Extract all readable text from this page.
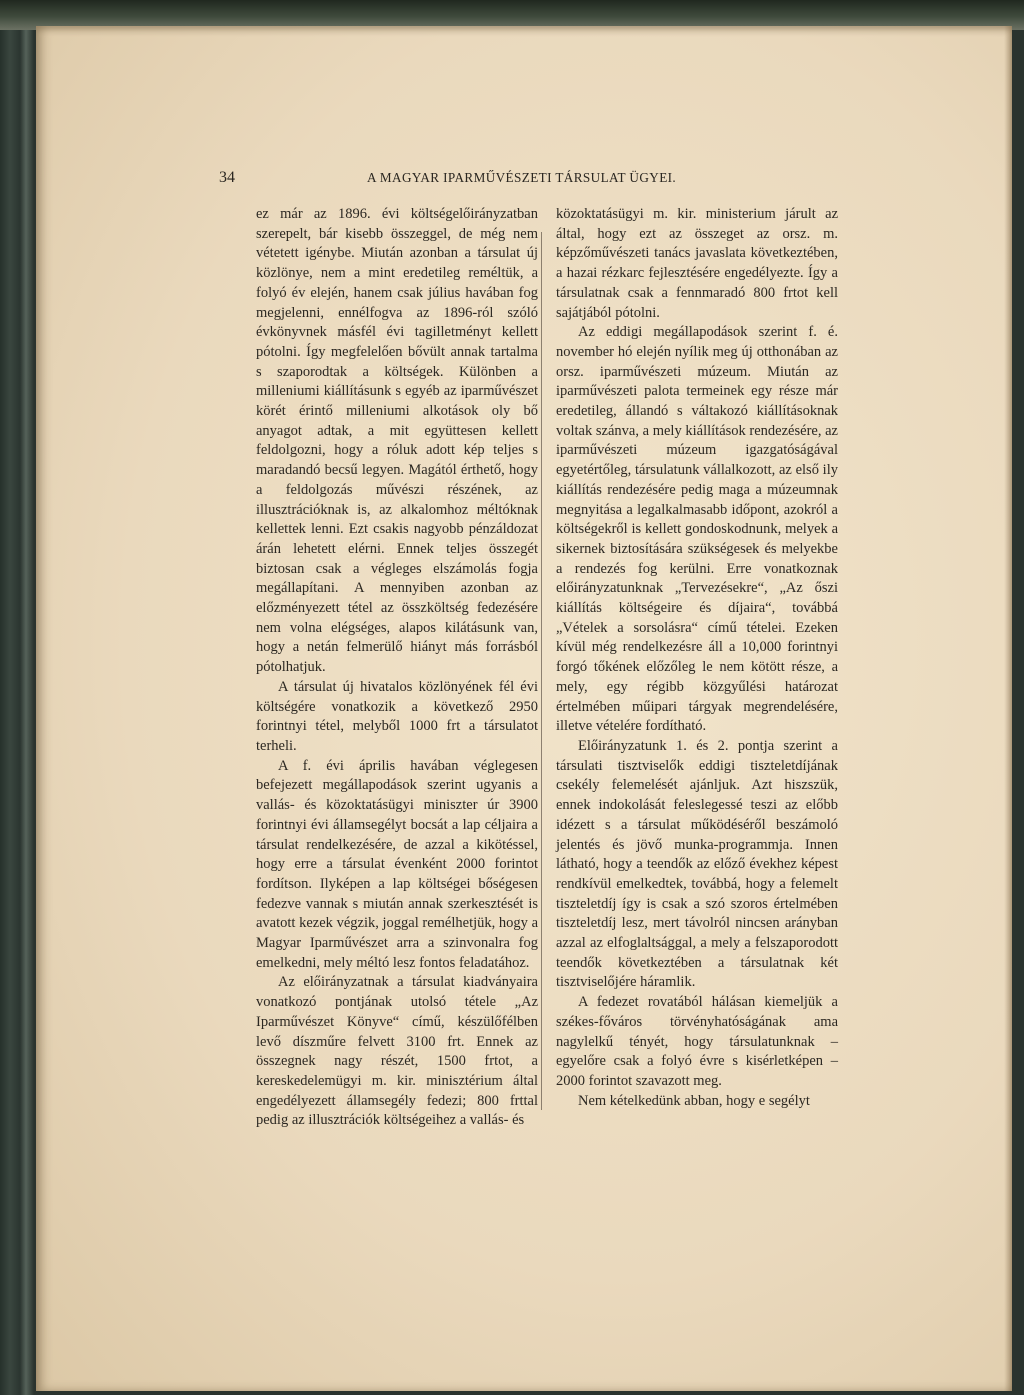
34	A MAGYAR IPARMŰVÉSZETI TÁRSULAT ÜGYEI.

ez már az 1896. évi költségelőirányzatban szerepelt, bár kisebb összeggel, de még nem vétetett igénybe. Miután azonban a társulat új közlönye, nem a mint eredetileg reméltük, a folyó év elején, hanem csak július havában fog megjelenni, ennélfogva az 1896-ról szóló évkönyvnek másfél évi tagilletményt kellett pótolni. Így megfelelően bővült annak tartalma s szaporodtak a költségek. Különben a milleniumi kiállításunk s egyéb az iparművészet körét érintő milleniumi alkotások oly bő anyagot adtak, a mit együttesen kellett feldolgozni, hogy a róluk adott kép teljes s maradandó becsű legyen. Magától érthető, hogy a feldolgozás művészi részének, az illusztrációknak is, az alkalomhoz méltóknak kellettek lenni. Ezt csakis nagyobb pénzáldozat árán lehetett elérni. Ennek teljes összegét biztosan csak a végleges elszámolás fogja megállapítani. A mennyiben azonban az előzményezett tétel az összköltség fedezésére nem volna elégséges, alapos kilátásunk van, hogy a netán felmerülő hiányt más forrásból pótolhatjuk.

A társulat új hivatalos közlönyének fél évi költségére vonatkozik a következő 2950 forintnyi tétel, melyből 1000 frt a társulatot terheli.

A f. évi április havában véglegesen befejezett megállapodások szerint ugyanis a vallás- és közoktatásügyi miniszter úr 3900 forintnyi évi államsegélyt bocsát a lap céljaira a társulat rendelkezésére, de azzal a kikötéssel, hogy erre a társulat évenként 2000 forintot fordítson. Ilyképen a lap költségei bőségesen fedezve vannak s miután annak szerkesztését is avatott kezek végzik, joggal remélhetjük, hogy a Magyar Iparművészet arra a szinvonalra fog emelkedni, mely méltó lesz fontos feladatához.

Az előirányzatnak a társulat kiadványaira vonatkozó pontjának utolsó tétele „Az Iparművészet Könyve“ című, készülőfélben levő díszműre felvett 3100 frt. Ennek az összegnek nagy részét, 1500 frtot, a kereskedelemügyi m. kir. minisztérium által engedélyezett államsegély fedezi; 800 frttal pedig az illusztrációk költségeihez a vallás- és

közoktatásügyi m. kir. ministerium járult az által, hogy ezt az összeget az orsz. m. képzőművészeti tanács javaslata következtében, a hazai rézkarc fejlesztésére engedélyezte. Így a társulatnak csak a fennmaradó 800 frtot kell sajátjából pótolni.

Az eddigi megállapodások szerint f. é. november hó elején nyílik meg új otthonában az orsz. iparművészeti múzeum. Miután az iparművészeti palota termeinek egy része már eredetileg, állandó s váltakozó kiállításoknak voltak szánva, a mely kiállítások rendezésére, az iparművészeti múzeum igazgatóságával egyetértőleg, társulatunk vállalkozott, az első ily kiállítás rendezésére pedig maga a múzeumnak megnyitása a legalkalmasabb időpont, azokról a költségekről is kellett gondoskodnunk, melyek a sikernek biztosítására szükségesek és melyekbe a rendezés fog kerülni. Erre vonatkoznak előirányzatunknak „Tervezésekre“, „Az őszi kiállítás költségeire és díjaira“, továbbá „Vételek a sorsolásra“ című tételei. Ezeken kívül még rendelkezésre áll a 10,000 forintnyi forgó tőkének előzőleg le nem kötött része, a mely, egy régibb közgyűlési határozat értelmében műipari tárgyak megrendelésére, illetve vételére fordítható.

Előirányzatunk 1. és 2. pontja szerint a társulati tisztviselők eddigi tiszteletdíjának csekély felemelését ajánljuk. Azt hiszszük, ennek indokolását feleslegessé teszi az előbb idézett s a társulat működéséről beszámoló jelentés és jövő munka-programmja. Innen látható, hogy a teendők az előző évekhez képest rendkívül emelkedtek, továbbá, hogy a felemelt tiszteletdíj így is csak a szó szoros értelmében tiszteletdíj lesz, mert távolról nincsen arányban azzal az elfoglaltsággal, a mely a felszaporodott teendők következtében a társulatnak két tisztviselőjére háramlik.

A fedezet rovatából hálásan kiemeljük a székes-főváros törvényhatóságának ama nagylelkű tényét, hogy társulatunknak – egyelőre csak a folyó évre s kisérletképen – 2000 forintot szavazott meg.

Nem kételkedünk abban, hogy e segélyt
